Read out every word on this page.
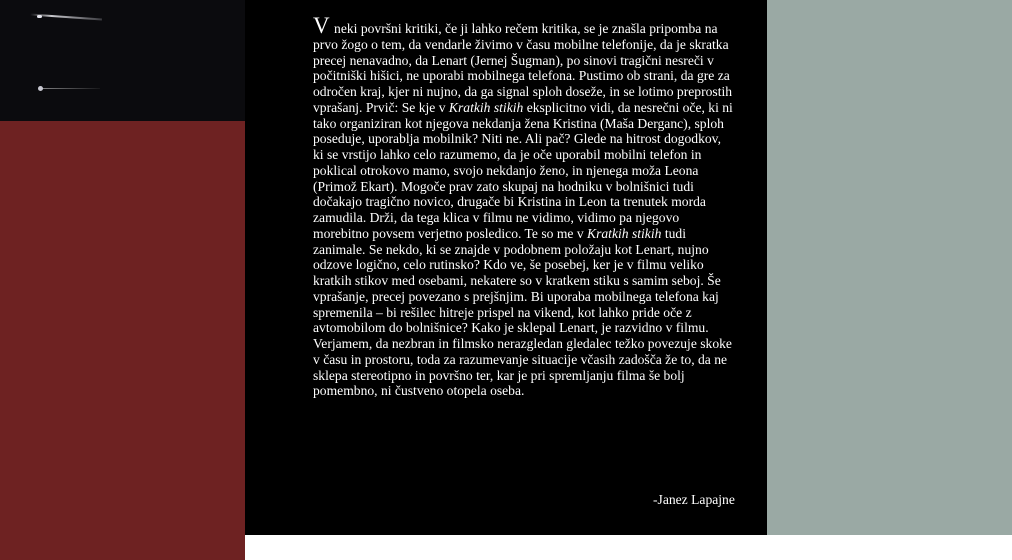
V neki površni kritiki, če ji lahko rečem kritika, se je znašla pripomba na prvo žogo o tem, da vendarle živimo v času mobilne telefonije, da je skratka precej nenavadno, da Lenart (Jernej Šugman), po sinovi tragični nesreči v počitniški hišici, ne uporabi mobilnega telefona. Pustimo ob strani, da gre za odročen kraj, kjer ni nujno, da ga signal sploh doseže, in se lotimo preprostih vprašanj. Prvič: Se kje v Kratkih stikih eksplicitno vidi, da nesrečni oče, ki ni tako organiziran kot njegova nekdanja žena Kristina (Maša Derganc), sploh poseduje, uporablja mobilnik? Niti ne. Ali pač? Glede na hitrost dogodkov, ki se vrstijo lahko celo razumemo, da je oče uporabil mobilni telefon in poklical otrokovo mamo, svojo nekdanjo ženo, in njenega moža Leona (Primož Ekart). Mogoče prav zato skupaj na hodniku v bolnišnici tudi dočakajo tragično novico, drugače bi Kristina in Leon ta trenutek morda zamudila. Drži, da tega klica v filmu ne vidimo, vidimo pa njegovo morebitno povsem verjetno posledico. Te so me v Kratkih stikih tudi zanimale. Se nekdo, ki se znajde v podobnem položaju kot Lenart, nujno odzove logično, celo rutinsko? Kdo ve, še posebej, ker je v filmu veliko kratkih stikov med osebami, nekatere so v kratkem stiku s samim seboj. Še vprašanje, precej povezano s prejšnjim. Bi uporaba mobilnega telefona kaj spremenila – bi rešilec hitreje prispel na vikend, kot lahko pride oče z avtomobilom do bolnišnice? Kako je sklepal Lenart, je razvidno v filmu. Verjamem, da nezbran in filmsko nerazgledan gledalec težko povezuje skoke v času in prostoru, toda za razumevanje situacije včasih zadošča že to, da ne sklepa stereotipno in površno ter, kar je pri spremljanju filma še bolj pomembno, ni čustveno otopela oseba.

-Janez Lapajne
